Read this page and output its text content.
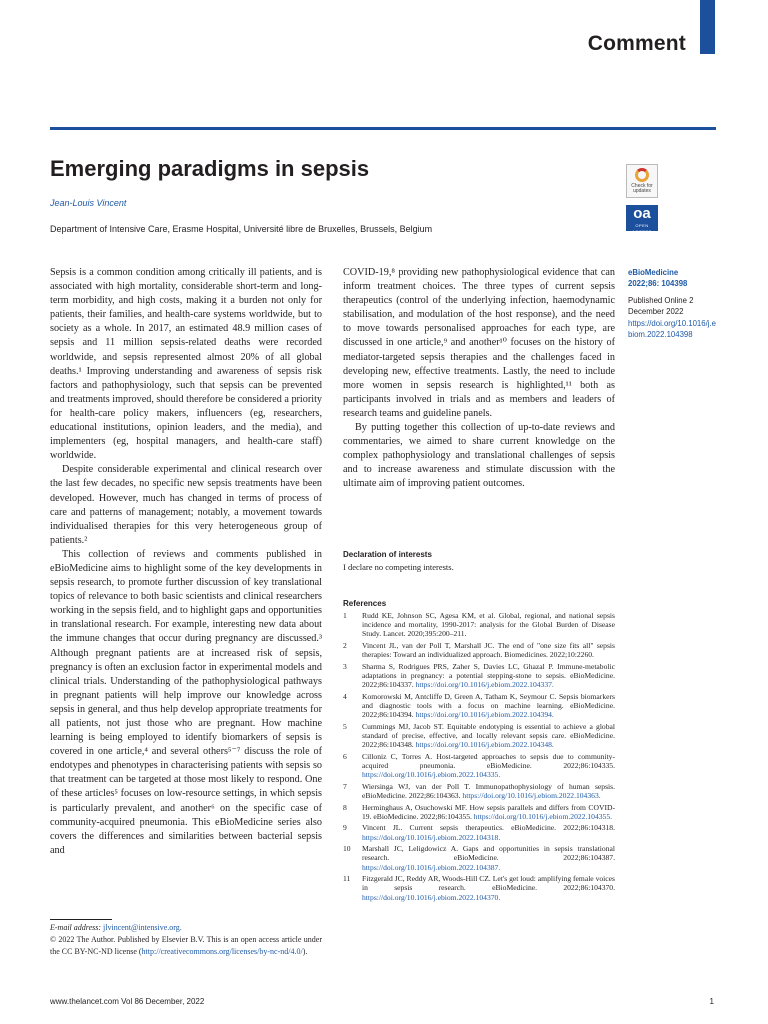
Comment
Emerging paradigms in sepsis
Jean-Louis Vincent
Department of Intensive Care, Erasme Hospital, Université libre de Bruxelles, Brussels, Belgium
Check for updates
oa
OPEN ACCESS

Sepsis is a common condition among critically ill patients, and is associated with high mortality, considerable short-term and long-term morbidity, and high costs, making it a burden not only for patients, their families, and health-care systems worldwide, but to society as a whole. In 2017, an estimated 48.9 million cases of sepsis and 11 million sepsis-related deaths were recorded worldwide, and sepsis represented almost 20% of all global deaths.¹ Improving understanding and awareness of sepsis risk factors and pathophysiology, such that sepsis can be prevented and treatments improved, should therefore be considered a priority for health-care policy makers, influencers (eg, researchers, educational institutions, opinion leaders, and the media), and implementers (eg, hospital managers, and health-care staff) worldwide.

Despite considerable experimental and clinical research over the last few decades, no specific new sepsis treatments have been developed. However, much has changed in terms of process of care and patterns of management; notably, a movement towards individualised therapies for this very heterogeneous group of patients.²

This collection of reviews and comments published in eBioMedicine aims to highlight some of the key developments in sepsis research, to promote further discussion of key translational topics of relevance to both basic scientists and clinical researchers working in the sepsis field, and to highlight gaps and opportunities in translational research. For example, interesting new data about the immune changes that occur during pregnancy are discussed.³ Although pregnant patients are at increased risk of sepsis, pregnancy is often an exclusion factor in experimental models and clinical trials. Understanding of the pathophysiological pathways in pregnant patients will help improve our knowledge across sepsis in general, and thus help develop appropriate treatments for all patients, not just those who are pregnant. How machine learning is being employed to identify biomarkers of sepsis is covered in one article,⁴ and several others⁵⁻⁷ discuss the role of endotypes and phenotypes in characterising patients with sepsis so that treatment can be targeted at those most likely to respond. One of these articles⁵ focuses on low-resource settings, in which sepsis is particularly prevalent, and another⁶ on the specific case of community-acquired pneumonia. This eBioMedicine series also covers the differences and similarities between bacterial sepsis and

COVID-19,⁸ providing new pathophysiological evidence that can inform treatment choices. The three types of current sepsis therapeutics (control of the underlying infection, haemodynamic stabilisation, and modulation of the host response), and the need to move towards personalised approaches for each type, are discussed in one article,⁹ and another¹⁰ focuses on the history of mediator-targeted sepsis therapies and the challenges faced in developing new, effective treatments. Lastly, the need to include more women in sepsis research is highlighted,¹¹ both as participants involved in trials and as members and leaders of research teams and guideline panels.

By putting together this collection of up-to-date reviews and commentaries, we aimed to share current knowledge on the complex pathophysiology and translational challenges of sepsis and to increase awareness and stimulate discussion with the ultimate aim of improving patient outcomes.

eBioMedicine
2022;86: 104398
Published Online 2 December 2022
https://doi.org/10.1016/j.ebiom.2022.104398
Declaration of interests

I declare no competing interests.

References
1 Rudd KE, Johnson SC, Agesa KM, et al. Global, regional, and national sepsis incidence and mortality, 1990-2017: analysis for the Global Burden of Disease Study. Lancet. 2020;395:200–211.
2 Vincent JL, van der Poll T, Marshall JC. The end of "one size fits all" sepsis therapies: Toward an individualized approach. Biomedicines. 2022;10:2260.
3 Sharma S, Rodrigues PRS, Zaher S, Davies LC, Ghazal P. Immune-metabolic adaptations in pregnancy: a potential stepping-stone to sepsis. eBioMedicine. 2022;86:104337. https://doi.org/10.1016/j.ebiom.2022.104337.
4 Komorowski M, Antcliffe D, Green A, Tatham K, Seymour C. Sepsis biomarkers and diagnostic tools with a focus on machine learning. eBioMedicine. 2022;86:104394. https://doi.org/10.1016/j.ebiom.2022.104394.
5 Cummings MJ, Jacob ST. Equitable endotyping is essential to achieve a global standard of precise, effective, and locally relevant sepsis care. eBioMedicine. 2022;86:104348. https://doi.org/10.1016/j.ebiom.2022.104348.
6 Cilloniz C, Torres A. Host-targeted approaches to sepsis due to community-acquired pneumonia. eBioMedicine. 2022;86:104335. https://doi.org/10.1016/j.ebiom.2022.104335.
7 Wiersinga WJ, van der Poll T. Immunopathophysiology of human sepsis. eBioMedicine. 2022;86:104363. https://doi.org/10.1016/j.ebiom.2022.104363.
8 Herminghaus A, Osuchowski MF. How sepsis parallels and differs from COVID-19. eBioMedicine. 2022;86:104355. https://doi.org/10.1016/j.ebiom.2022.104355.
9 Vincent JL. Current sepsis therapeutics. eBioMedicine. 2022;86:104318. https://doi.org/10.1016/j.ebiom.2022.104318.
10 Marshall JC, Leligdowicz A. Gaps and opportunities in sepsis translational research. eBioMedicine. 2022;86:104387. https://doi.org/10.1016/j.ebiom.2022.104387.
11 Fitzgerald JC, Reddy AR, Woods-Hill CZ. Let's get loud: amplifying female voices in sepsis research. eBioMedicine. 2022;86:104370. https://doi.org/10.1016/j.ebiom.2022.104370.
E-mail address: jlvincent@intensive.org.
© 2022 The Author. Published by Elsevier B.V. This is an open access article under the CC BY-NC-ND license (http://creativecommons.org/licenses/by-nc-nd/4.0/).
www.thelancet.com Vol 86 December, 2022	1
